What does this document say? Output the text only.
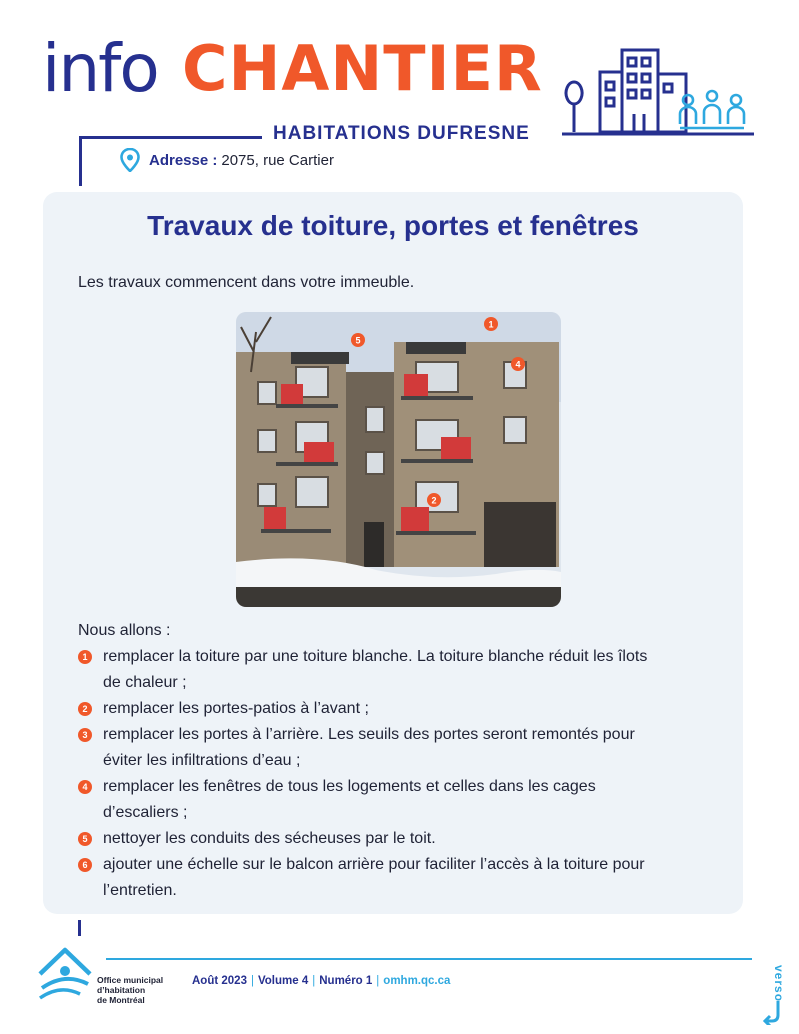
info CHANTIER
HABITATIONS DUFRESNE
Adresse : 2075, rue Cartier
Travaux de toiture, portes et fenêtres
Les travaux commencent dans votre immeuble.
1
5
4
2
Nous allons :
1 remplacer la toiture par une toiture blanche. La toiture blanche réduit les îlots de chaleur ;
2 remplacer les portes-patios à l’avant ;
3 remplacer les portes à l’arrière. Les seuils des portes seront remontés pour éviter les infiltrations d’eau ;
4 remplacer les fenêtres de tous les logements et celles dans les cages d’escaliers ;
5 nettoyer les conduits des sécheuses par le toit.
6 ajouter une échelle sur le balcon arrière pour faciliter l’accès à la toiture pour l’entretien.
Office municipal
d’habitation
de Montréal
Août 2023 | Volume 4 | Numéro 1 | omhm.qc.ca	verso
